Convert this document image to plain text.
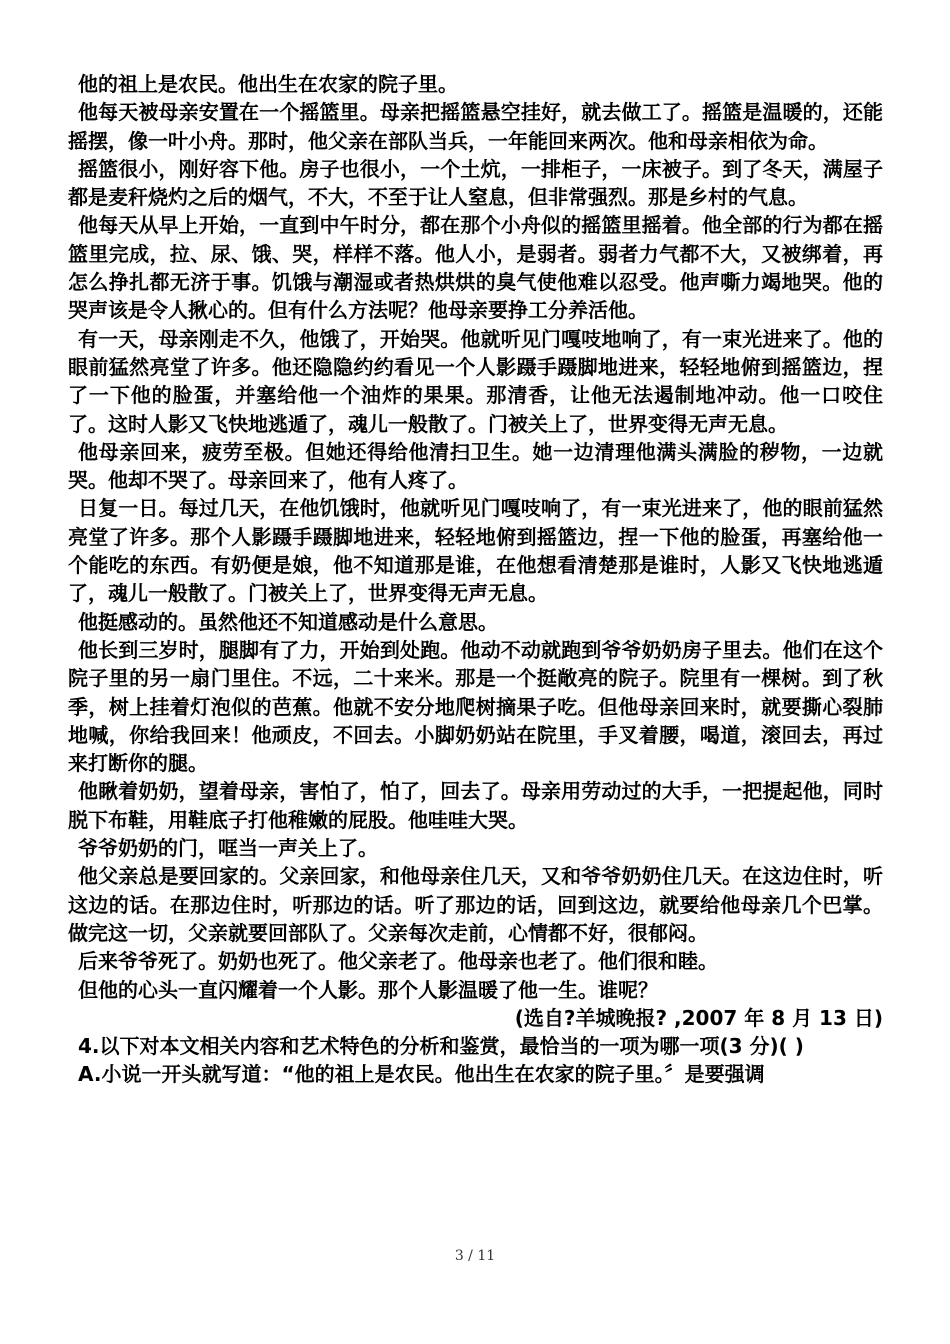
他的祖上是农民。他出生在农家的院子里。

他每天被母亲安置在一个摇篮里。母亲把摇篮悬空挂好，就去做工了。摇篮是温暖的，还能摇摆，像一叶小舟。那时，他父亲在部队当兵，一年能回来两次。他和母亲相依为命。

摇篮很小，刚好容下他。房子也很小，一个土炕，一排柜子，一床被子。到了冬天，满屋子都是麦秆烧灼之后的烟气，不大，不至于让人窒息，但非常强烈。那是乡村的气息。

他每天从早上开始，一直到中午时分，都在那个小舟似的摇篮里摇着。他全部的行为都在摇篮里完成，拉、尿、饿、哭，样样不落。他人小，是弱者。弱者力气都不大，又被绑着，再怎么挣扎都无济于事。饥饿与潮湿或者热烘烘的臭气使他难以忍受。他声嘶力竭地哭。他的哭声该是令人揪心的。但有什么方法呢？他母亲要挣工分养活他。

有一天，母亲刚走不久，他饿了，开始哭。他就听见门嘎吱地响了，有一束光进来了。他的眼前猛然亮堂了许多。他还隐隐约约看见一个人影蹑手蹑脚地进来，轻轻地俯到摇篮边，捏了一下他的脸蛋，并塞给他一个油炸的果果。那清香，让他无法遏制地冲动。他一口咬住了。这时人影又飞快地逃遁了，魂儿一般散了。门被关上了，世界变得无声无息。

他母亲回来，疲劳至极。但她还得给他清扫卫生。她一边清理他满头满脸的秽物，一边就哭。他却不哭了。母亲回来了，他有人疼了。

日复一日。每过几天，在他饥饿时，他就听见门嘎吱响了，有一束光进来了，他的眼前猛然亮堂了许多。那个人影蹑手蹑脚地进来，轻轻地俯到摇篮边，捏一下他的脸蛋，再塞给他一个能吃的东西。有奶便是娘，他不知道那是谁，在他想看清楚那是谁时，人影又飞快地逃遁了，魂儿一般散了。门被关上了，世界变得无声无息。

他挺感动的。虽然他还不知道感动是什么意思。

他长到三岁时，腿脚有了力，开始到处跑。他动不动就跑到爷爷奶奶房子里去。他们在这个院子里的另一扇门里住。不远，二十来米。那是一个挺敞亮的院子。院里有一棵树。到了秋季，树上挂着灯泡似的芭蕉。他就不安分地爬树摘果子吃。但他母亲回来时，就要撕心裂肺地喊，你给我回来！他顽皮，不回去。小脚奶奶站在院里，手叉着腰，喝道，滚回去，再过来打断你的腿。

他瞅着奶奶，望着母亲，害怕了，怕了，回去了。母亲用劳动过的大手，一把提起他，同时脱下布鞋，用鞋底子打他稚嫩的屁股。他哇哇大哭。

爷爷奶奶的门，哐当一声关上了。

他父亲总是要回家的。父亲回家，和他母亲住几天，又和爷爷奶奶住几天。在这边住时，听这边的话。在那边住时，听那边的话。听了那边的话，回到这边，就要给他母亲几个巴掌。做完这一切，父亲就要回部队了。父亲每次走前，心情都不好，很郁闷。

后来爷爷死了。奶奶也死了。他父亲老了。他母亲也老了。他们很和睦。

但他的心头一直闪耀着一个人影。那个人影温暖了他一生。谁呢？

(选自?羊城晚报? ,2007 年 8 月 13 日)

4.以下对本文相关内容和艺术特色的分析和鉴赏，最恰当的一项为哪一项(3 分)( )

A.小说一开头就写道：“他的祖上是农民。他出生在农家的院子里。〞是要强调

3 / 11
